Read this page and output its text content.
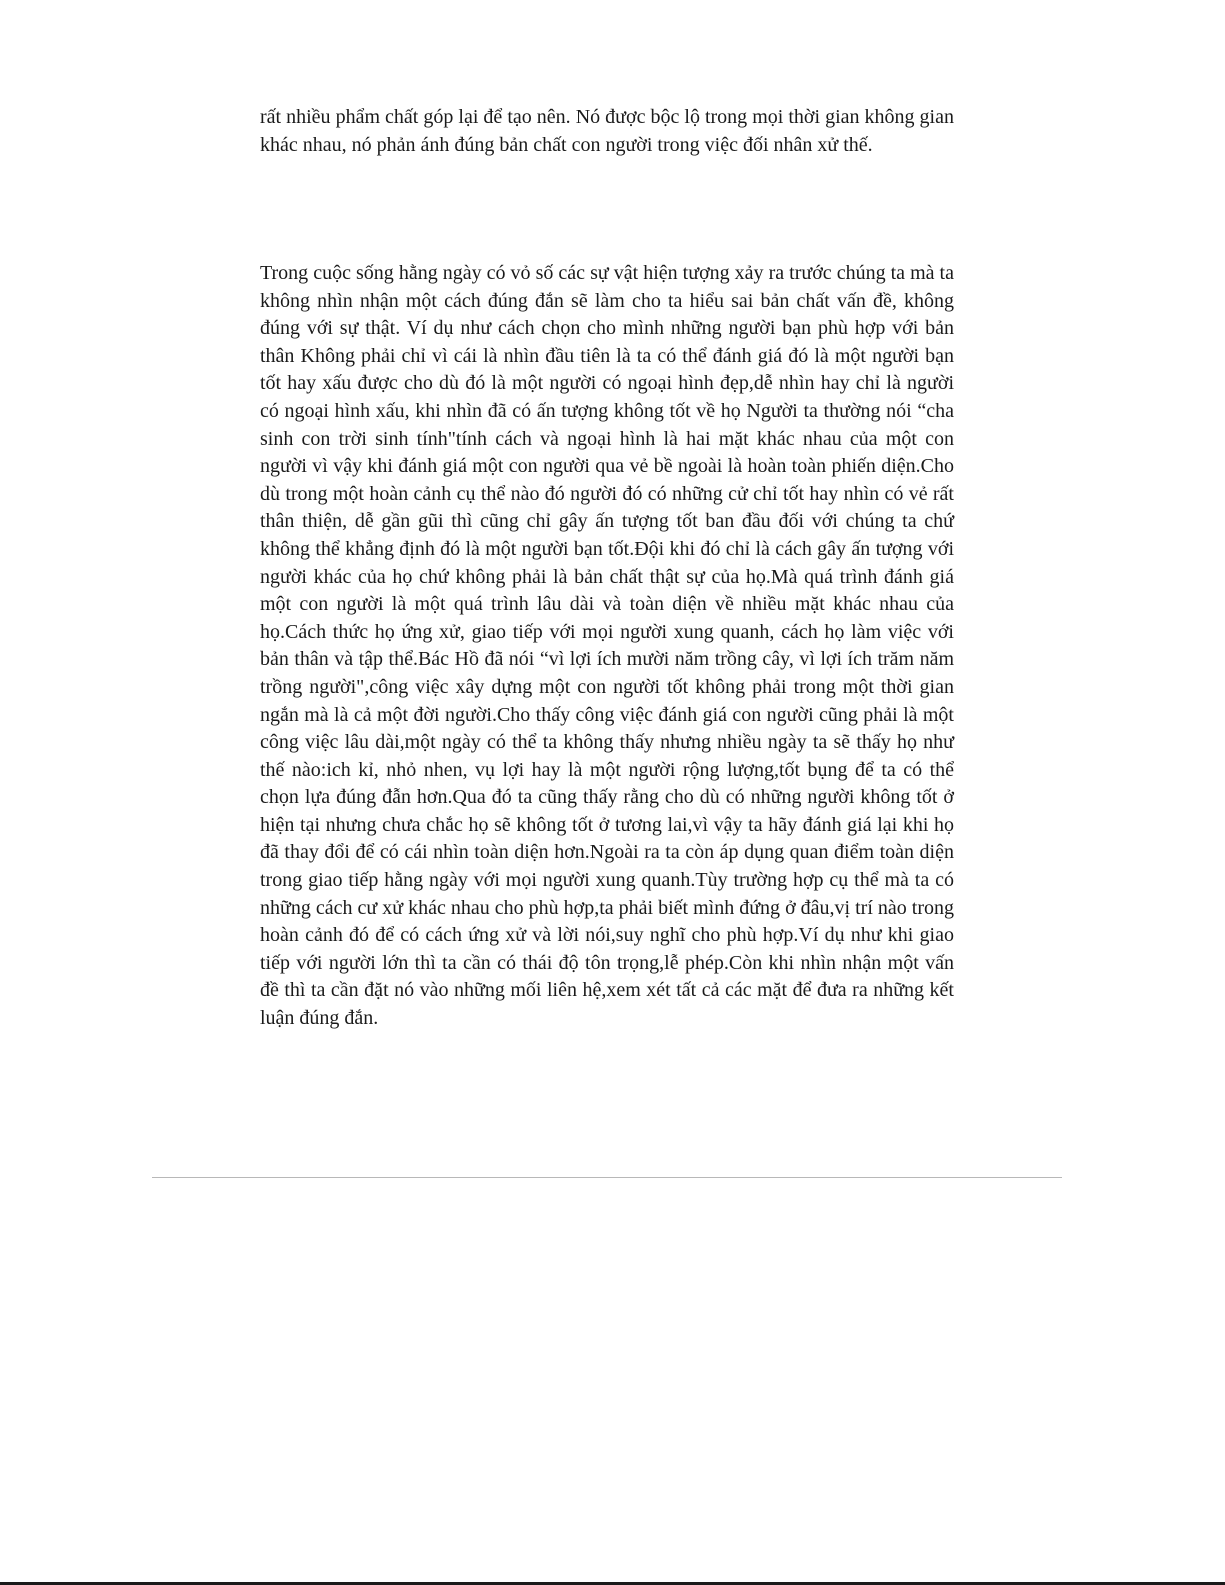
rất nhiều phẩm chất góp lại để tạo nên. Nó được bộc lộ trong mọi thời gian không gian khác nhau, nó phản ánh đúng bản chất con người trong việc đối nhân xử thế.

Trong cuộc sống hằng ngày có vỏ số các sự vật hiện tượng xảy ra trước chúng ta mà ta không nhìn nhận một cách đúng đắn sẽ làm cho ta hiểu sai bản chất vấn đề, không đúng với sự thật. Ví dụ như cách chọn cho mình những người bạn phù hợp với bản thân Không phải chỉ vì cái là nhìn đầu tiên là ta có thể đánh giá đó là một người bạn tốt hay xấu được cho dù đó là một người có ngoại hình đẹp,dễ nhìn hay chỉ là người có ngoại hình xấu, khi nhìn đã có ấn tượng không tốt về họ Người ta thường nói “cha sinh con trời sinh tính"tính cách và ngoại hình là hai mặt khác nhau của một con người vì vậy khi đánh giá một con người qua vẻ bề ngoài là hoàn toàn phiến diện.Cho dù trong một hoàn cảnh cụ thể nào đó người đó có những cử chỉ tốt hay nhìn có vẻ rất thân thiện, dễ gần gũi thì cũng chỉ gây ấn tượng tốt ban đầu đối với chúng ta chứ không thể khẳng định đó là một người bạn tốt.Đội khi đó chỉ là cách gây ấn tượng với người khác của họ chứ không phải là bản chất thật sự của họ.Mà quá trình đánh giá một con người là một quá trình lâu dài và toàn diện về nhiều mặt khác nhau của họ.Cách thức họ ứng xử, giao tiếp với mọi người xung quanh, cách họ làm việc với bản thân và tập thể.Bác Hồ đã nói “vì lợi ích mười năm trồng cây, vì lợi ích trăm năm trồng người",công việc xây dựng một con người tốt không phải trong một thời gian ngắn mà là cả một đời người.Cho thấy công việc đánh giá con người cũng phải là một công việc lâu dài,một ngày có thể ta không thấy nhưng nhiều ngày ta sẽ thấy họ như thế nào:ich kỉ, nhỏ nhen, vụ lợi hay là một người rộng lượng,tốt bụng để ta có thể chọn lựa đúng đẫn hơn.Qua đó ta cũng thấy rằng cho dù có những người không tốt ở hiện tại nhưng chưa chắc họ sẽ không tốt ở tương lai,vì vậy ta hãy đánh giá lại khi họ đã thay đổi để có cái nhìn toàn diện hơn.Ngoài ra ta còn áp dụng quan điểm toàn diện trong giao tiếp hằng ngày với mọi người xung quanh.Tùy trường hợp cụ thể mà ta có những cách cư xử khác nhau cho phù hợp,ta phải biết mình đứng ở đâu,vị trí nào trong hoàn cảnh đó để có cách ứng xử và lời nói,suy nghĩ cho phù hợp.Ví dụ như khi giao tiếp với người lớn thì ta cần có thái độ tôn trọng,lễ phép.Còn khi nhìn nhận một vấn đề thì ta cần đặt nó vào những mối liên hệ,xem xét tất cả các mặt để đưa ra những kết luận đúng đắn.
